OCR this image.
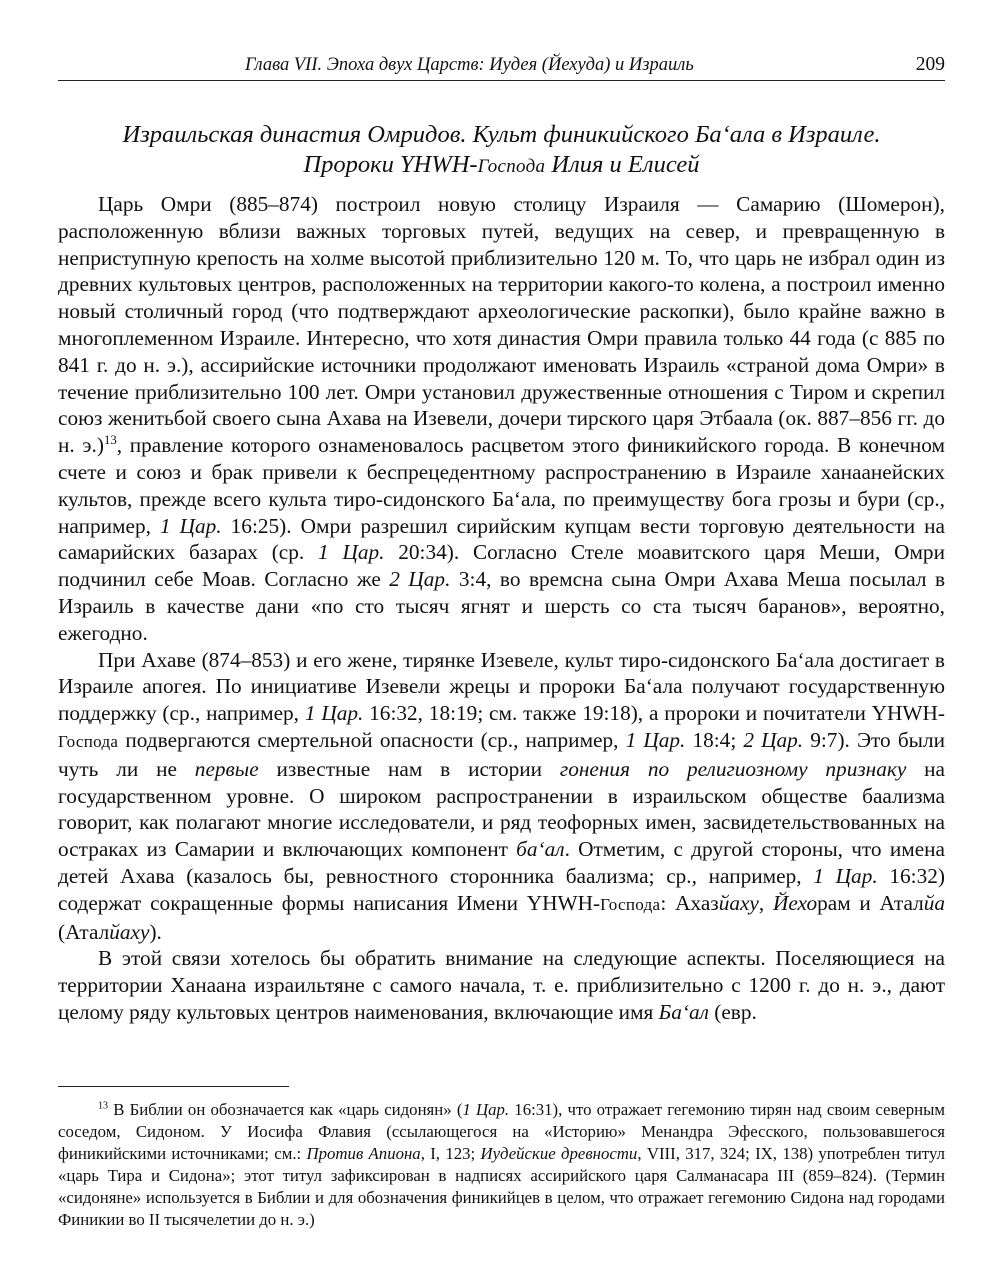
Глава VII. Эпоха двух Царств: Иудея (Йехуда) и Израиль	209
Израильская династия Омридов. Культ финикийского Ба‘ала в Израиле.
Пророки YHWH-Господа Илия и Елисей

Царь Омри (885–874) построил новую столицу Израиля — Самарию (Шомерон), расположенную вблизи важных торговых путей, ведущих на север, и превращенную в неприступную крепость на холме высотой приблизительно 120 м. То, что царь не избрал один из древних культовых центров, расположенных на территории какого-то колена, а построил именно новый столичный город (что подтверждают археологические раскопки), было крайне важно в многоплеменном Израиле. Интересно, что хотя династия Омри правила только 44 года (с 885 по 841 г. до н. э.), ассирийские источники продолжают именовать Израиль «страной дома Омри» в течение приблизительно 100 лет. Омри установил дружественные отношения с Тиром и скрепил союз женитьбой своего сына Ахава на Изевели, дочери тирского царя Этбаала (ок. 887–856 гг. до н. э.)$^{13}$, правление которого ознаменовалось расцветом этого финикийского города. В конечном счете и союз и брак привели к беспрецедентному распространению в Израиле ханаанейских культов, прежде всего культа тиро-сидонского Ба‘ала, по преимуществу бога грозы и бури (ср., например, 1 Цар. 16:25). Омри разрешил сирийским купцам вести торговую деятельности на самарийских базарах (ср. 1 Цар. 20:34). Согласно Стеле моавитского царя Меши, Омри подчинил себе Моав. Согласно же 2 Цар. 3:4, во времсна сына Омри Ахава Меша посылал в Израиль в качестве дани «по сто тысяч ягнят и шерсть со ста тысяч баранов», вероятно, ежегодно.

При Ахаве (874–853) и его жене, тирянке Изевеле, культ тиро-сидонского Ба‘ала достигает в Израиле апогея. По инициативе Изевели жрецы и пророки Ба‘ала получают государственную поддержку (ср., например, 1 Цар. 16:32, 18:19; см. также 19:18), а пророки и почитатели YHWH-Господа подвергаются смертельной опасности (ср., например, 1 Цар. 18:4; 2 Цар. 9:7). Это были чуть ли не первые известные нам в истории гонения по религиозному признаку на государственном уровне. О широком распространении в израильском обществе баализма говорит, как полагают многие исследователи, и ряд теофорных имен, засвидетельствованных на остраках из Самарии и включающих компонент ба‘ал. Отметим, с другой стороны, что имена детей Ахава (казалось бы, ревностного сторонника баализма; ср., например, 1 Цар. 16:32) содержат сокращенные формы написания Имени YHWH-Господа: Ахазйаху, Йехорам и Аталйа (Аталйаху).

В этой связи хотелось бы обратить внимание на следующие аспекты. Поселяющиеся на территории Ханаана израильтяне с самого начала, т. е. приблизительно с 1200 г. до н. э., дают целому ряду культовых центров наименования, включающие имя Ба‘ал (евр.

$^{13}$ В Библии он обозначается как «царь сидонян» (1 Цар. 16:31), что отражает гегемонию тирян над своим северным соседом, Сидоном. У Иосифа Флавия (ссылающегося на «Историю» Менандра Эфесского, пользовавшегося финикийскими источниками; см.: Против Апиона, I, 123; Иудейские древности, VIII, 317, 324; IX, 138) употреблен титул «царь Тира и Сидона»; этот титул зафиксирован в надписях ассирийского царя Салманасара III (859–824). (Термин «сидоняне» используется в Библии и для обозначения финикийцев в целом, что отражает гегемонию Сидона над городами Финикии во II тысячелетии до н. э.)
